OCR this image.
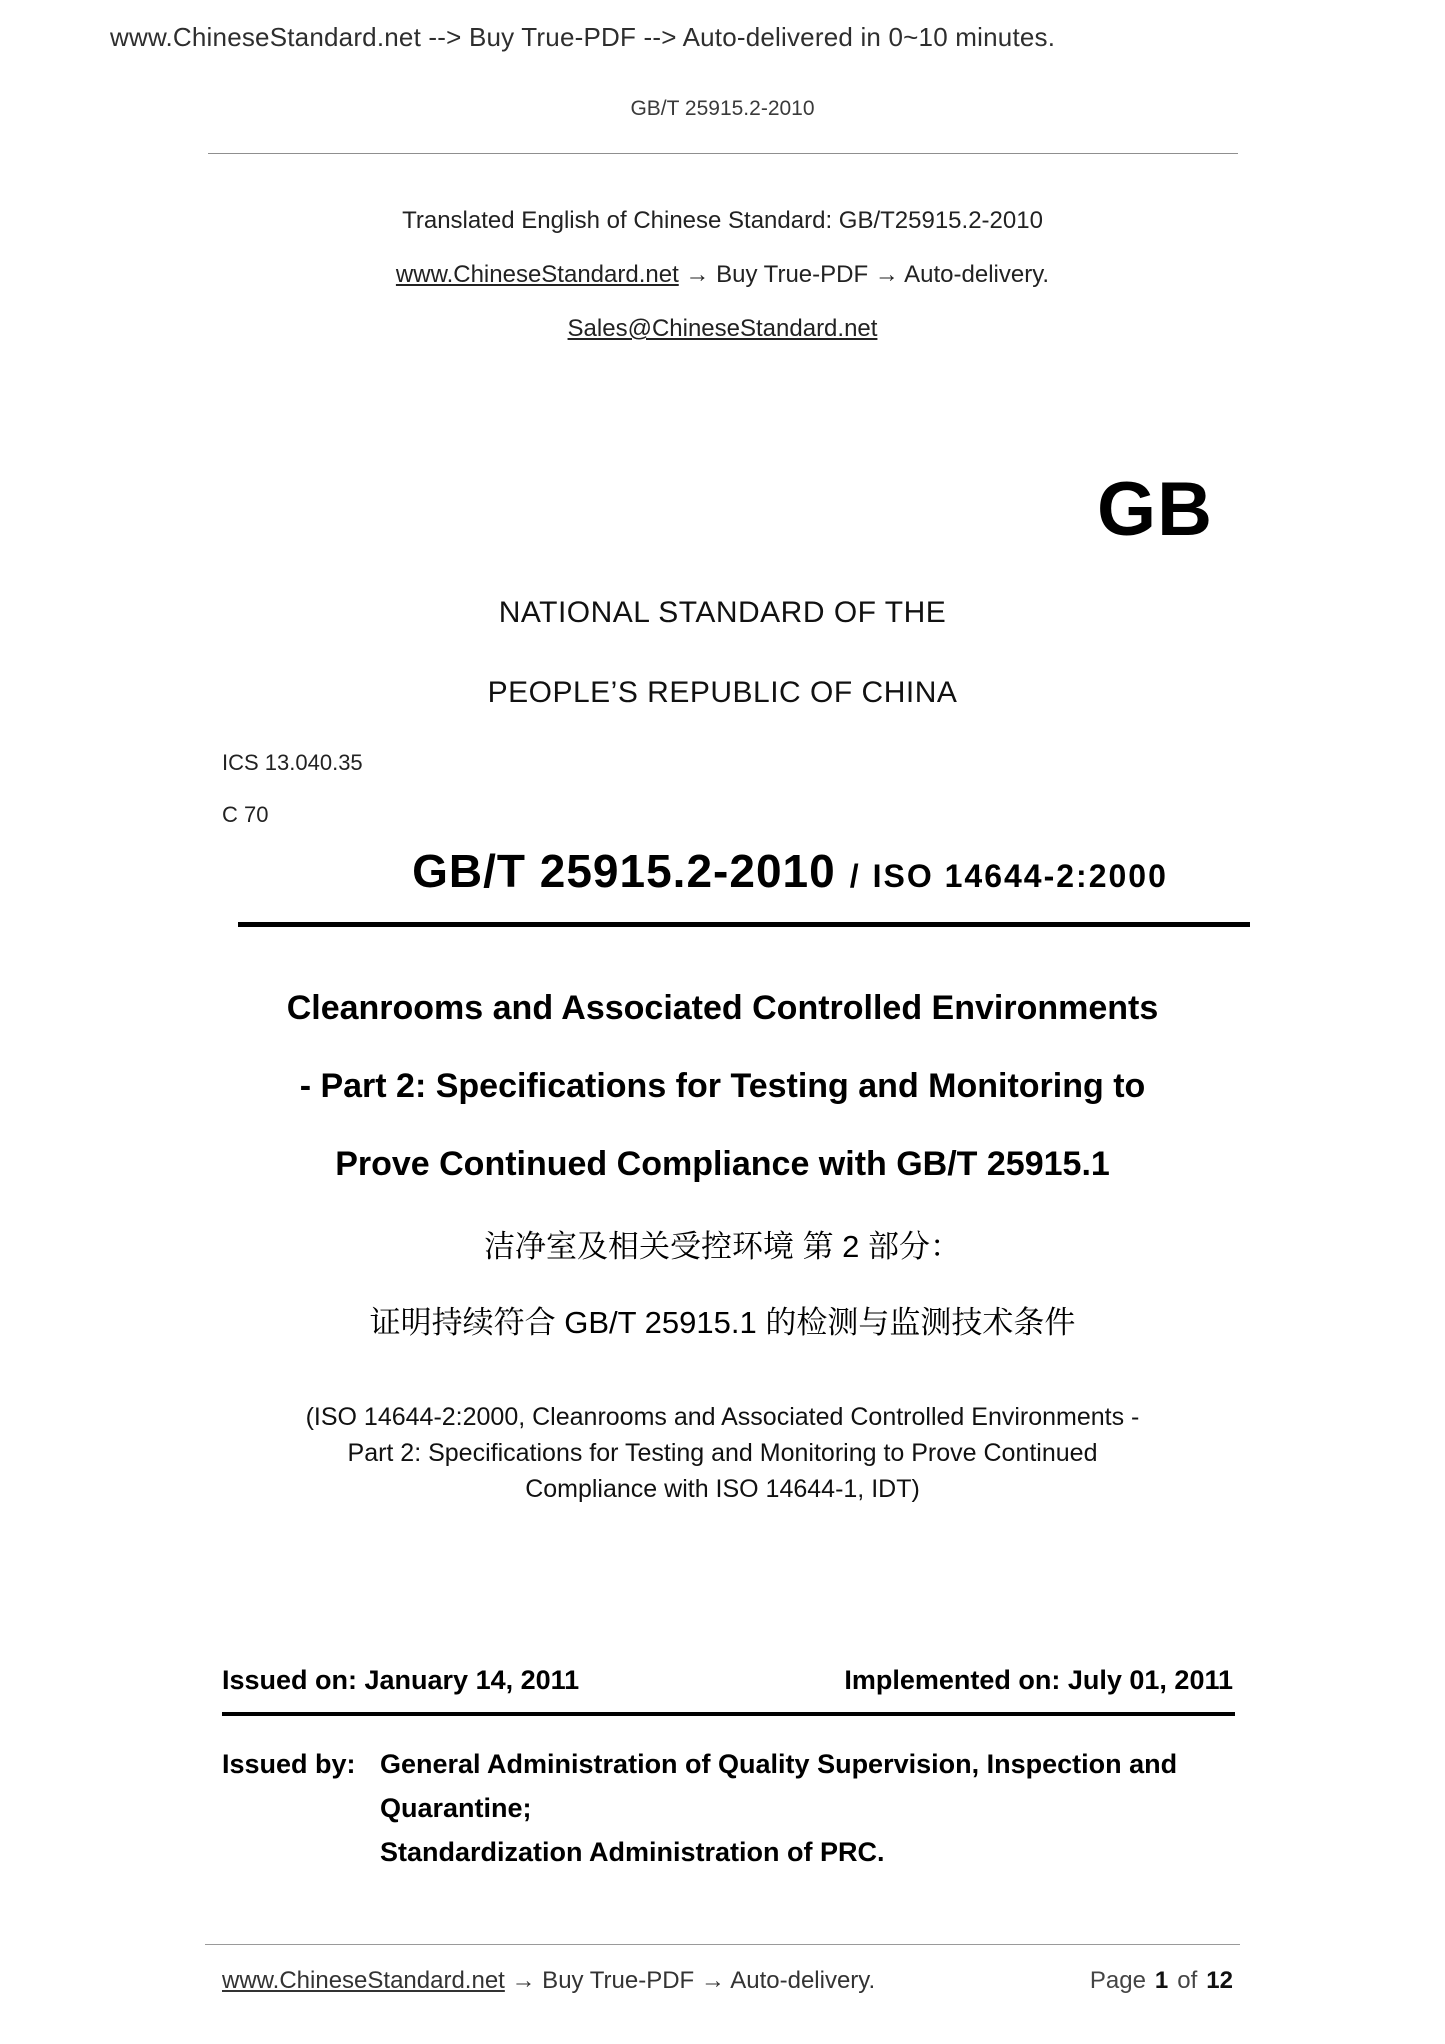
www.ChineseStandard.net --> Buy True-PDF --> Auto-delivered in 0~10 minutes.
GB/T 25915.2-2010
Translated English of Chinese Standard: GB/T25915.2-2010
www.ChineseStandard.net → Buy True-PDF → Auto-delivery.
Sales@ChineseStandard.net
GB
NATIONAL STANDARD OF THE
PEOPLE’S REPUBLIC OF CHINA
ICS 13.040.35
C 70
GB/T 25915.2-2010 / ISO 14644-2:2000
Cleanrooms and Associated Controlled Environments
- Part 2: Specifications for Testing and Monitoring to
Prove Continued Compliance with GB/T 25915.1
洁净室及相关受控环境 第 2 部分：
证明持续符合 GB/T 25915.1 的检测与监测技术条件
(ISO 14644-2:2000, Cleanrooms and Associated Controlled Environments -
Part 2: Specifications for Testing and Monitoring to Prove Continued
Compliance with ISO 14644-1, IDT)
Issued on: January 14, 2011	Implemented on: July 01, 2011
Issued by: General Administration of Quality Supervision, Inspection and
Quarantine;
Standardization Administration of PRC.
www.ChineseStandard.net → Buy True-PDF → Auto-delivery.	Page 1 of 12
